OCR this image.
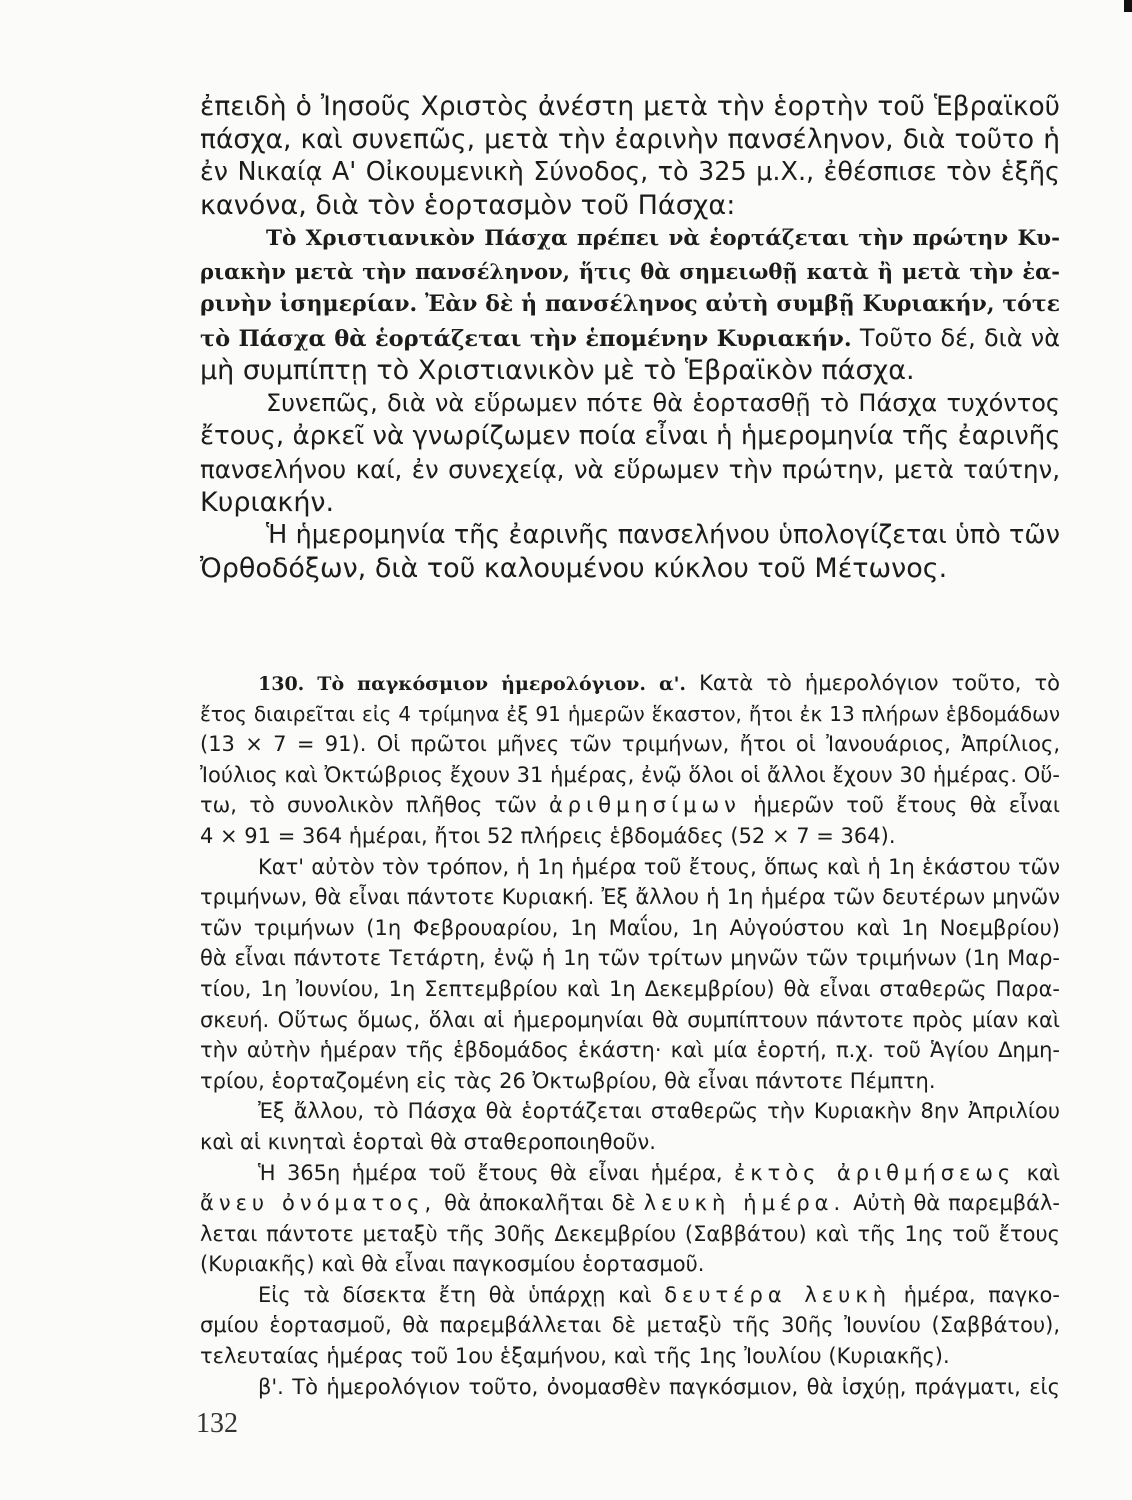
ἐπειδὴ ὁ Ἰησοῦς Χριστὸς ἀνέστη μετὰ τὴν ἑορτὴν τοῦ Ἑβραϊκοῦ
πάσχα, καὶ συνεπῶς, μετὰ τὴν ἐαρινὴν πανσέληνον, διὰ τοῦτο ἡ
ἐν Νικαίᾳ Α' Οἰκουμενικὴ Σύνοδος, τὸ 325 μ.Χ., ἐθέσπισε τὸν ἑξῆς
κανόνα, διὰ τὸν ἑορτασμὸν τοῦ Πάσχα:
Τὸ Χριστιανικὸν Πάσχα πρέπει νὰ ἑορτάζεται τὴν πρώτην Κυ-
ριακὴν μετὰ τὴν πανσέληνον, ἥτις θὰ σημειωθῇ κατὰ ἢ μετὰ τὴν ἐα-
ρινὴν ἰσημερίαν. Ἐὰν δὲ ἡ πανσέληνος αὐτὴ συμβῇ Κυριακήν, τότε
τὸ Πάσχα θὰ ἑορτάζεται τὴν ἑπομένην Κυριακήν. Τοῦτο δέ, διὰ νὰ
μὴ συμπίπτῃ τὸ Χριστιανικὸν μὲ τὸ Ἑβραϊκὸν πάσχα.
Συνεπῶς, διὰ νὰ εὕρωμεν πότε θὰ ἑορτασθῇ τὸ Πάσχα τυχόντος
ἔτους, ἀρκεῖ νὰ γνωρίζωμεν ποία εἶναι ἡ ἡμερομηνία τῆς ἐαρινῆς
πανσελήνου καί, ἐν συνεχείᾳ, νὰ εὕρωμεν τὴν πρώτην, μετὰ ταύτην,
Κυριακήν.
Ἡ ἡμερομηνία τῆς ἐαρινῆς πανσελήνου ὑπολογίζεται ὑπὸ τῶν
Ὀρθοδόξων, διὰ τοῦ καλουμένου κύκλου τοῦ Μέτωνος.
130. Τὸ παγκόσμιον ἡμερολόγιον. α'. Κατὰ τὸ ἡμερολόγιον τοῦτο, τὸ
ἔτος διαιρεῖται εἰς 4 τρίμηνα ἐξ 91 ἡμερῶν ἕκαστον, ἤτοι ἐκ 13 πλήρων ἑβδομάδων
(13 × 7 = 91). Οἱ πρῶτοι μῆνες τῶν τριμήνων, ἤτοι οἱ Ἰανουάριος, Ἀπρίλιος,
Ἰούλιος καὶ Ὀκτώβριος ἔχουν 31 ἡμέρας, ἐνῷ ὅλοι οἱ ἄλλοι ἔχουν 30 ἡμέρας. Οὕ-
τω, τὸ συνολικὸν πλῆθος τῶν ἀριθμησίμων ἡμερῶν τοῦ ἔτους θὰ εἶναι
4 × 91 = 364 ἡμέραι, ἤτοι 52 πλήρεις ἑβδομάδες (52 × 7 = 364).
Κατ' αὐτὸν τὸν τρόπον, ἡ 1η ἡμέρα τοῦ ἔτους, ὅπως καὶ ἡ 1η ἑκάστου τῶν
τριμήνων, θὰ εἶναι πάντοτε Κυριακή. Ἐξ ἄλλου ἡ 1η ἡμέρα τῶν δευτέρων μηνῶν
τῶν τριμήνων (1η Φεβρουαρίου, 1η Μαΐου, 1η Αὐγούστου καὶ 1η Νοεμβρίου)
θὰ εἶναι πάντοτε Τετάρτη, ἐνῷ ἡ 1η τῶν τρίτων μηνῶν τῶν τριμήνων (1η Μαρ-
τίου, 1η Ἰουνίου, 1η Σεπτεμβρίου καὶ 1η Δεκεμβρίου) θὰ εἶναι σταθερῶς Παρα-
σκευή. Οὕτως ὅμως, ὅλαι αἱ ἡμερομηνίαι θὰ συμπίπτουν πάντοτε πρὸς μίαν καὶ
τὴν αὐτὴν ἡμέραν τῆς ἑβδομάδος ἑκάστη· καὶ μία ἑορτή, π.χ. τοῦ Ἁγίου Δημη-
τρίου, ἑορταζομένη εἰς τὰς 26 Ὀκτωβρίου, θὰ εἶναι πάντοτε Πέμπτη.
Ἐξ ἄλλου, τὸ Πάσχα θὰ ἑορτάζεται σταθερῶς τὴν Κυριακὴν 8ην Ἀπριλίου
καὶ αἱ κινηταὶ ἑορταὶ θὰ σταθεροποιηθοῦν.
Ἡ 365η ἡμέρα τοῦ ἔτους θὰ εἶναι ἡμέρα, ἐκτὸς ἀριθμήσεως καὶ
ἄνευ ὀνόματος, θὰ ἀποκαλῆται δὲ λευκὴ ἡμέρα. Αὐτὴ θὰ παρεμβάλ-
λεται πάντοτε μεταξὺ τῆς 30ῆς Δεκεμβρίου (Σαββάτου) καὶ τῆς 1ης τοῦ ἔτους
(Κυριακῆς) καὶ θὰ εἶναι παγκοσμίου ἑορτασμοῦ.
Εἰς τὰ δίσεκτα ἔτη θὰ ὑπάρχῃ καὶ δευτέρα λευκὴ ἡμέρα, παγκο-
σμίου ἑορτασμοῦ, θὰ παρεμβάλλεται δὲ μεταξὺ τῆς 30ῆς Ἰουνίου (Σαββάτου),
τελευταίας ἡμέρας τοῦ 1ου ἑξαμήνου, καὶ τῆς 1ης Ἰουλίου (Κυριακῆς).
β'. Τὸ ἡμερολόγιον τοῦτο, ὀνομασθὲν παγκόσμιον, θὰ ἰσχύῃ, πράγματι, εἰς
132
